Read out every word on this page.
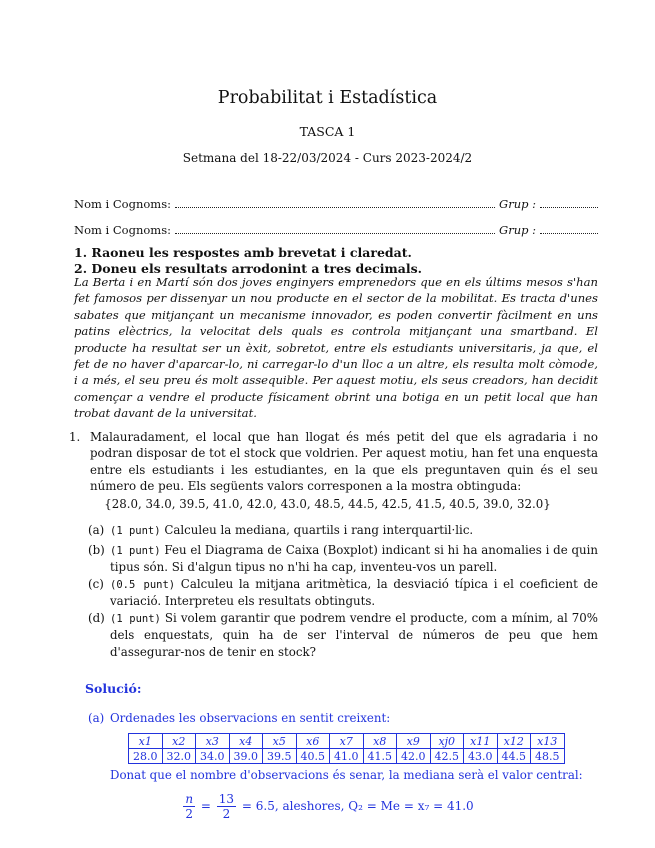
Probabilitat i Estadística
TASCA 1
Setmana del 18-22/03/2024 - Curs 2023-2024/2
Nom i Cognoms:	Grup :
Nom i Cognoms:	Grup :
1. Raoneu les respostes amb brevetat i claredat.
2. Doneu els resultats arrodonint a tres decimals.
La Berta i en Martí són dos joves enginyers emprenedors que en els últims mesos s'han fet famosos per dissenyar un nou producte en el sector de la mobilitat. Es tracta d'unes sabates que mitjançant un mecanisme innovador, es poden convertir fàcilment en uns patins elèctrics, la velocitat dels quals es controla mitjançant una smartband. El producte ha resultat ser un èxit, sobretot, entre els estudiants universitaris, ja que, el fet de no haver d'aparcar-lo, ni carregar-lo d'un lloc a un altre, els resulta molt còmode, i a més, el seu preu és molt assequible. Per aquest motiu, els seus creadors, han decidit començar a vendre el producte físicament obrint una botiga en un petit local que han trobat davant de la universitat.
1. Malauradament, el local que han llogat és més petit del que els agradaria i no podran disposar de tot el stock que voldrien. Per aquest motiu, han fet una enquesta entre els estudiants i les estudiantes, en la que els preguntaven quin és el seu número de peu. Els següents valors corresponen a la mostra obtinguda:
{28.0, 34.0, 39.5, 41.0, 42.0, 43.0, 48.5, 44.5, 42.5, 41.5, 40.5, 39.0, 32.0}
(a) (1 punt) Calculeu la mediana, quartils i rang interquartil·lic.
(b) (1 punt) Feu el Diagrama de Caixa (Boxplot) indicant si hi ha anomalies i de quin tipus són. Si d'algun tipus no n'hi ha cap, inventeu-vos un parell.
(c) (0.5 punt) Calculeu la mitjana aritmètica, la desviació típica i el coeficient de variació. Interpreteu els resultats obtinguts.
(d) (1 punt) Si volem garantir que podrem vendre el producte, com a mínim, al 70% dels enquestats, quin ha de ser l'interval de números de peu que hem d'assegurar-nos de tenir en stock?
Solució:
(a) Ordenades les observacions en sentit creixent:
x1	x2	x3	x4	x5	x6	x7	x8	x9	xj0	x11	x12	x13
28.0	32.0	34.0	39.0	39.5	40.5	41.0	41.5	42.0	42.5	43.0	44.5	48.5
Donat que el nombre d'observacions és senar, la mediana serà el valor central:
$\frac{n}{2} = \frac{13}{2} = 6.5$, aleshores, Q₂ = Me = x₇ = 41.0
